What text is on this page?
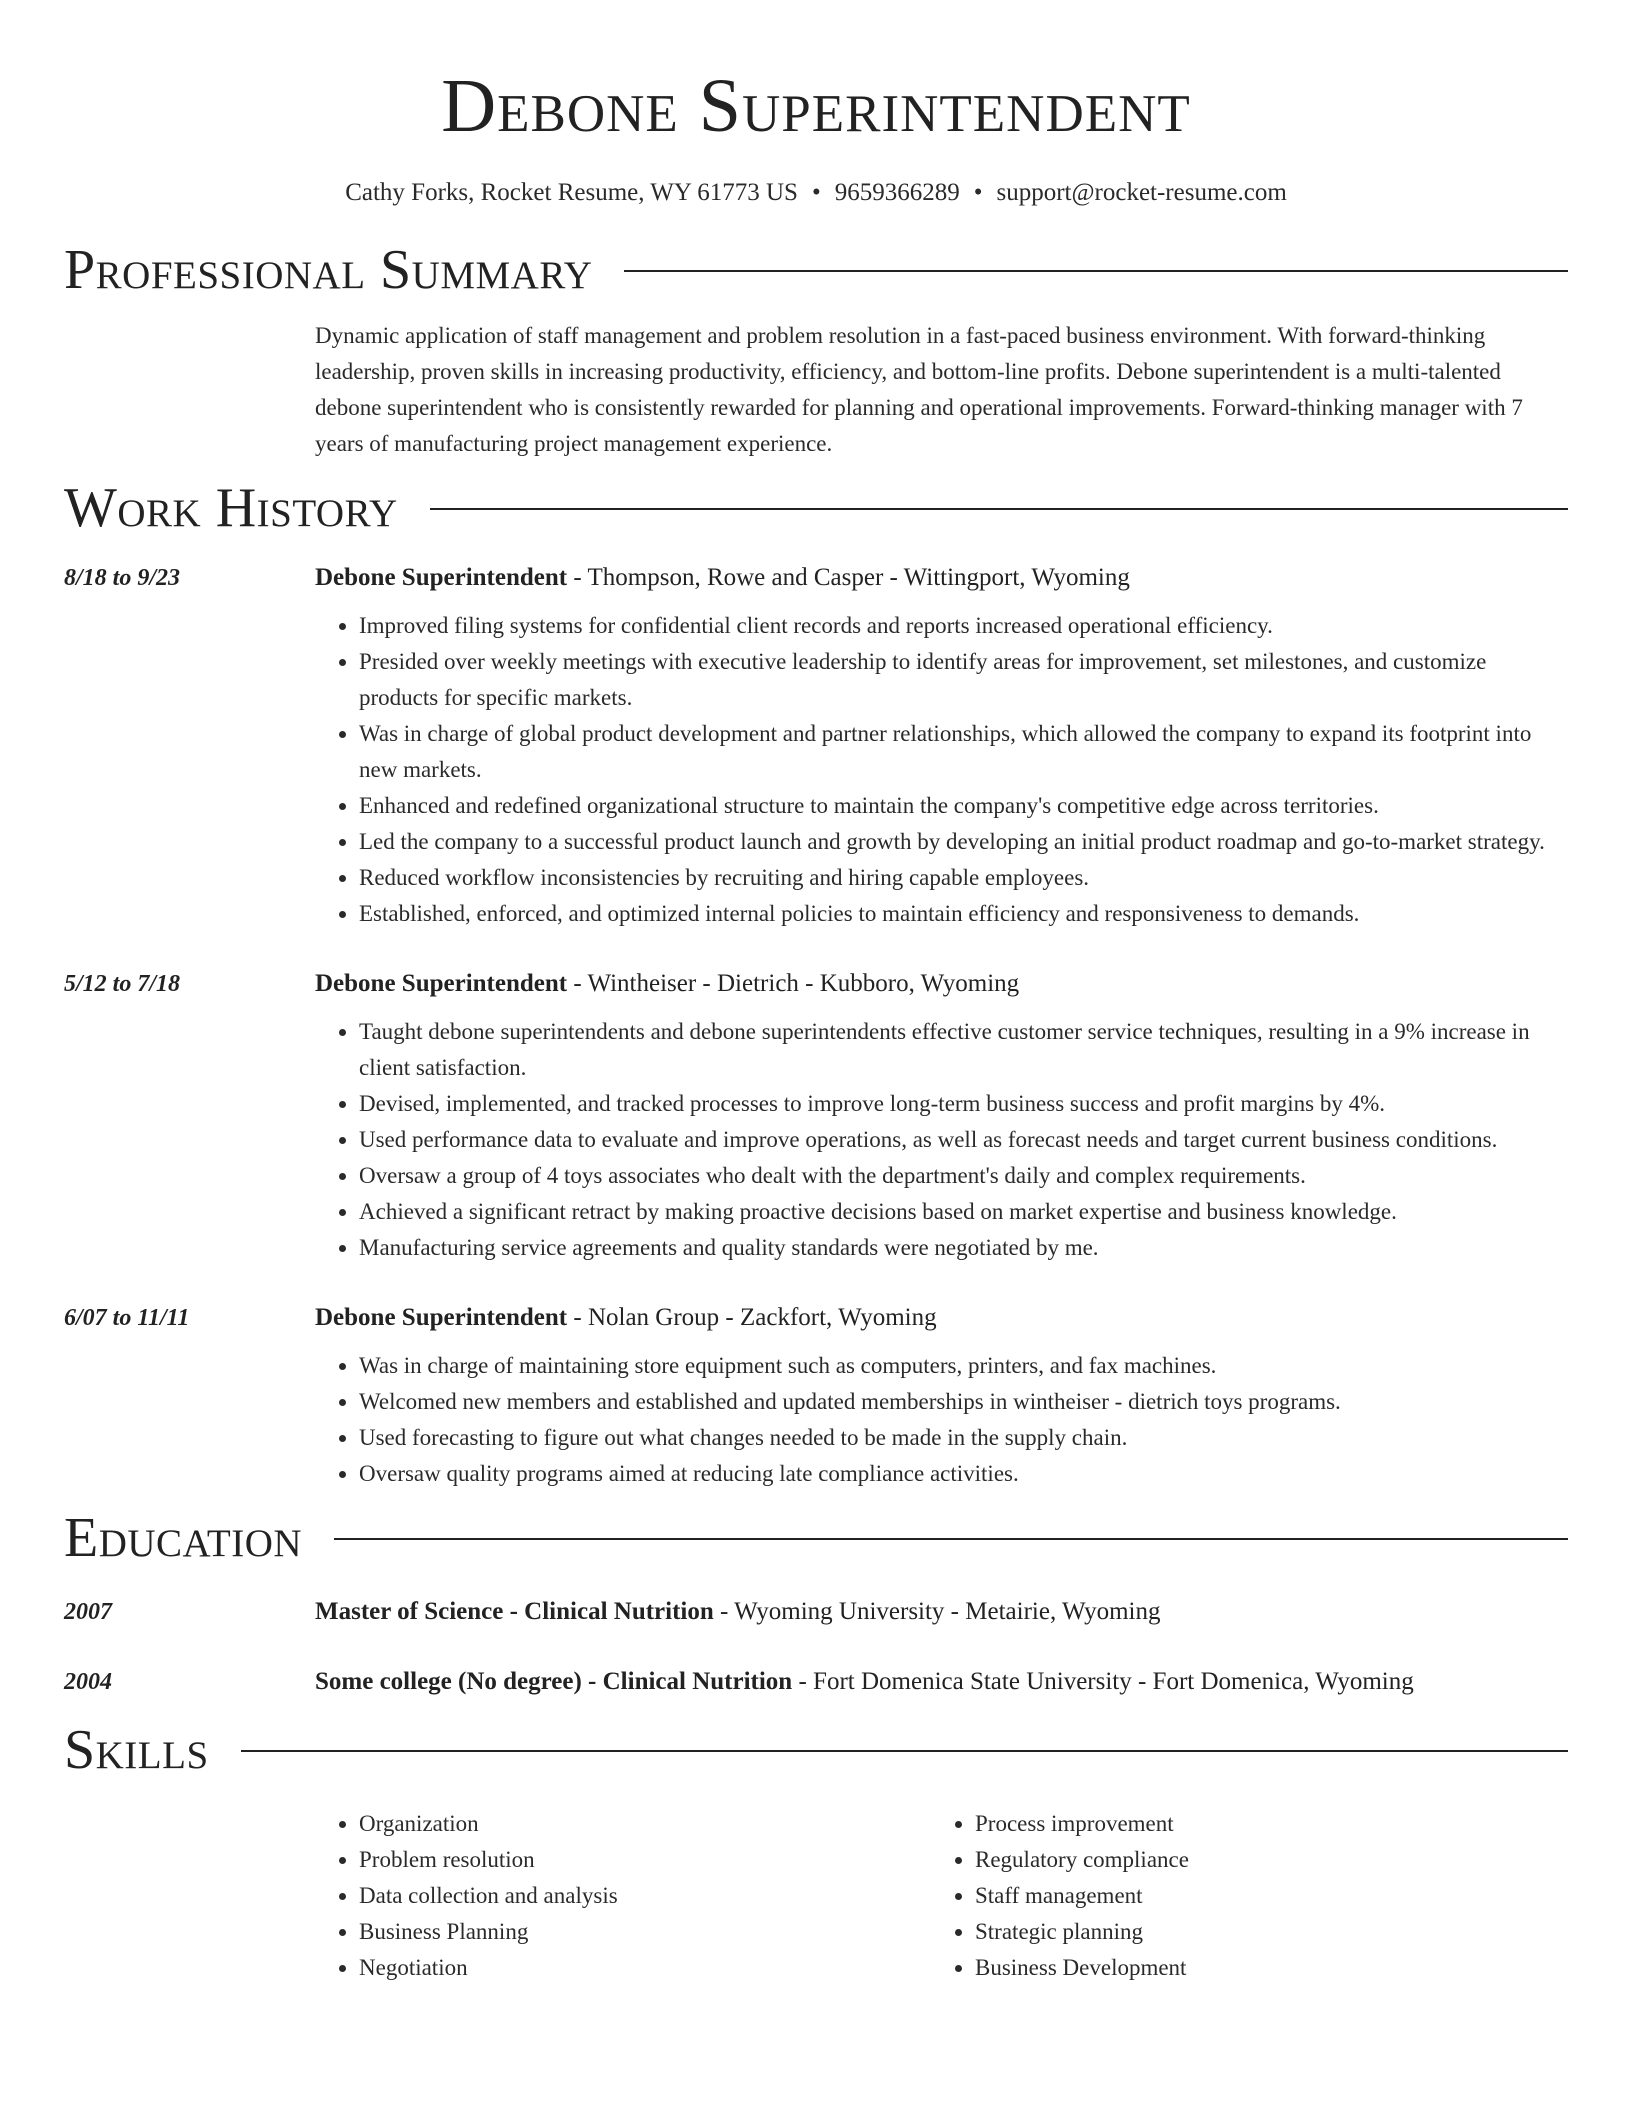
Debone Superintendent
Cathy Forks, Rocket Resume, WY 61773 US • 9659366289 • support@rocket-resume.com
Professional Summary
Dynamic application of staff management and problem resolution in a fast-paced business environment. With forward-thinking leadership, proven skills in increasing productivity, efficiency, and bottom-line profits. Debone superintendent is a multi-talented debone superintendent who is consistently rewarded for planning and operational improvements. Forward-thinking manager with 7 years of manufacturing project management experience.
Work History
8/18 to 9/23	Debone Superintendent - Thompson, Rowe and Casper - Wittingport, Wyoming
• Improved filing systems for confidential client records and reports increased operational efficiency.
• Presided over weekly meetings with executive leadership to identify areas for improvement, set milestones, and customize products for specific markets.
• Was in charge of global product development and partner relationships, which allowed the company to expand its footprint into new markets.
• Enhanced and redefined organizational structure to maintain the company's competitive edge across territories.
• Led the company to a successful product launch and growth by developing an initial product roadmap and go-to-market strategy.
• Reduced workflow inconsistencies by recruiting and hiring capable employees.
• Established, enforced, and optimized internal policies to maintain efficiency and responsiveness to demands.
5/12 to 7/18	Debone Superintendent - Wintheiser - Dietrich - Kubboro, Wyoming
• Taught debone superintendents and debone superintendents effective customer service techniques, resulting in a 9% increase in client satisfaction.
• Devised, implemented, and tracked processes to improve long-term business success and profit margins by 4%.
• Used performance data to evaluate and improve operations, as well as forecast needs and target current business conditions.
• Oversaw a group of 4 toys associates who dealt with the department's daily and complex requirements.
• Achieved a significant retract by making proactive decisions based on market expertise and business knowledge.
• Manufacturing service agreements and quality standards were negotiated by me.
6/07 to 11/11	Debone Superintendent - Nolan Group - Zackfort, Wyoming
• Was in charge of maintaining store equipment such as computers, printers, and fax machines.
• Welcomed new members and established and updated memberships in wintheiser - dietrich toys programs.
• Used forecasting to figure out what changes needed to be made in the supply chain.
• Oversaw quality programs aimed at reducing late compliance activities.
Education
2007	Master of Science - Clinical Nutrition - Wyoming University - Metairie, Wyoming
2004	Some college (No degree) - Clinical Nutrition - Fort Domenica State University - Fort Domenica, Wyoming
Skills
• Organization
• Problem resolution
• Data collection and analysis
• Business Planning
• Negotiation
• Process improvement
• Regulatory compliance
• Staff management
• Strategic planning
• Business Development
